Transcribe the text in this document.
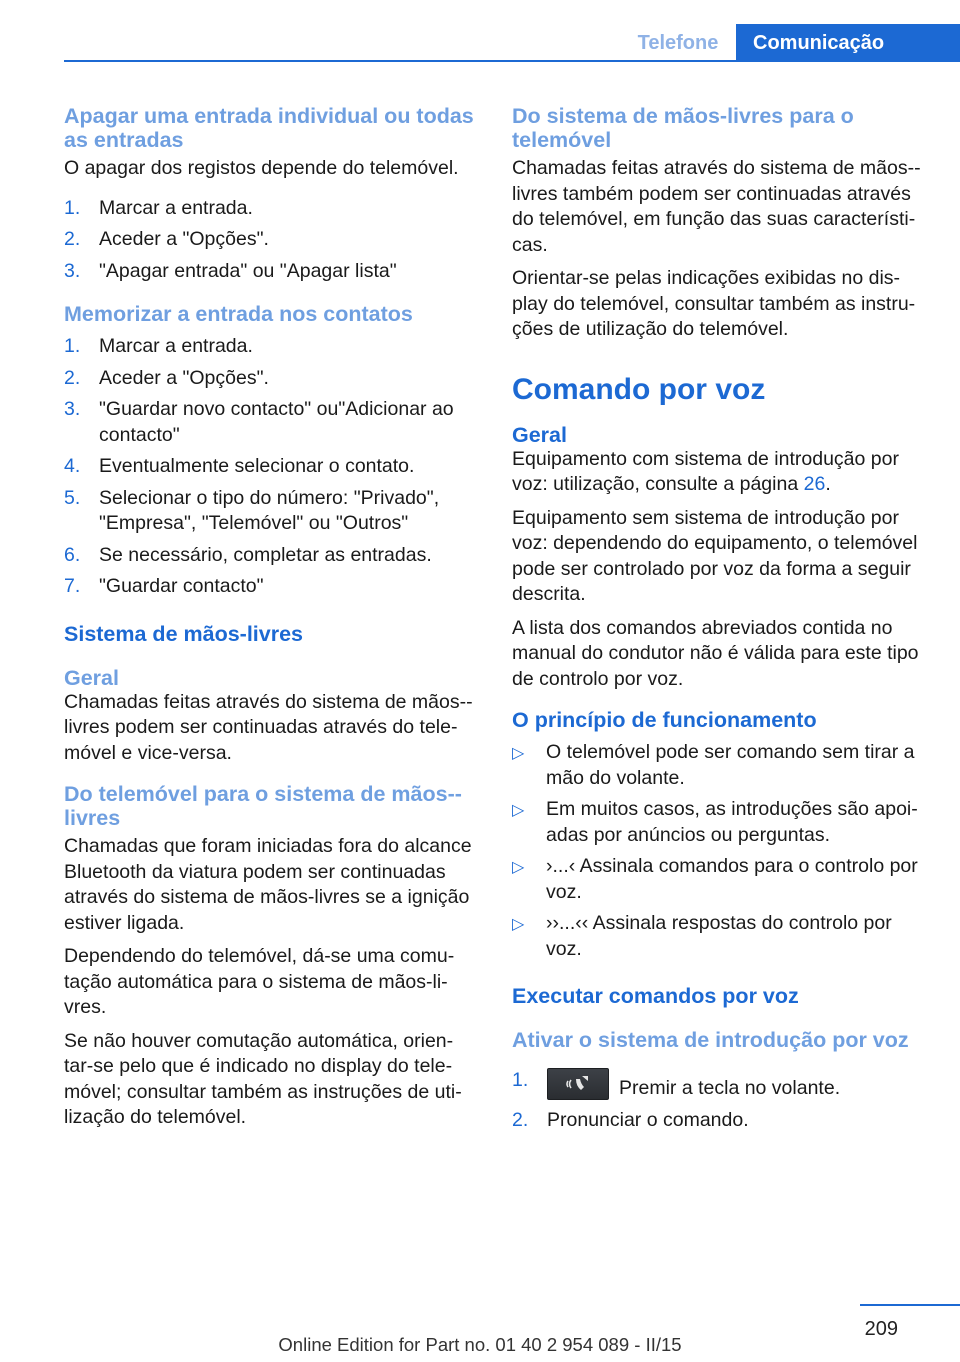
Telefone	Comunicação
Apagar uma entrada individual ou todas as entradas

O apagar dos registos depende do telemóvel.

1. Marcar a entrada.
2. Aceder a "Opções".
3. "Apagar entrada" ou "Apagar lista"
Memorizar a entrada nos contatos
1. Marcar a entrada.
2. Aceder a "Opções".
3. "Guardar novo contacto" ou"Adicionar ao contacto"
4. Eventualmente selecionar o contato.
5. Selecionar o tipo do número: "Privado", "Empresa", "Telemóvel" ou "Outros"
6. Se necessário, completar as entradas.
7. "Guardar contacto"
Sistema de mãos-livres
Geral

Chamadas feitas através do sistema de mãos--livres podem ser continuadas através do tele-móvel e vice-versa.

Do telemóvel para o sistema de mãos--livres

Chamadas que foram iniciadas fora do alcance Bluetooth da viatura podem ser continuadas através do sistema de mãos-livres se a ignição estiver ligada.

Dependendo do telemóvel, dá-se uma comu-tação automática para o sistema de mãos-li-vres.

Se não houver comutação automática, orien-tar-se pelo que é indicado no display do tele-móvel; consultar também as instruções de uti-lização do telemóvel.

Do sistema de mãos-livres para o telemóvel

Chamadas feitas através do sistema de mãos--livres também podem ser continuadas através do telemóvel, em função das suas característi-cas.

Orientar-se pelas indicações exibidas no dis-play do telemóvel, consultar também as instru-ções de utilização do telemóvel.

Comando por voz
Geral

Equipamento com sistema de introdução por voz: utilização, consulte a página 26.

Equipamento sem sistema de introdução por voz: dependendo do equipamento, o telemóvel pode ser controlado por voz da forma a seguir descrita.

A lista dos comandos abreviados contida no manual do condutor não é válida para este tipo de controlo por voz.

O princípio de funcionamento
▷ O telemóvel pode ser comando sem tirar a mão do volante.
▷ Em muitos casos, as introduções são apoi-adas por anúncios ou perguntas.
▷ ›...‹ Assinala comandos para o controlo por voz.
▷ ››...‹‹ Assinala respostas do controlo por voz.
Executar comandos por voz
Ativar o sistema de introdução por voz
1.	Premir a tecla no volante.
2. Pronunciar o comando.
209
Online Edition for Part no. 01 40 2 954 089 - II/15
